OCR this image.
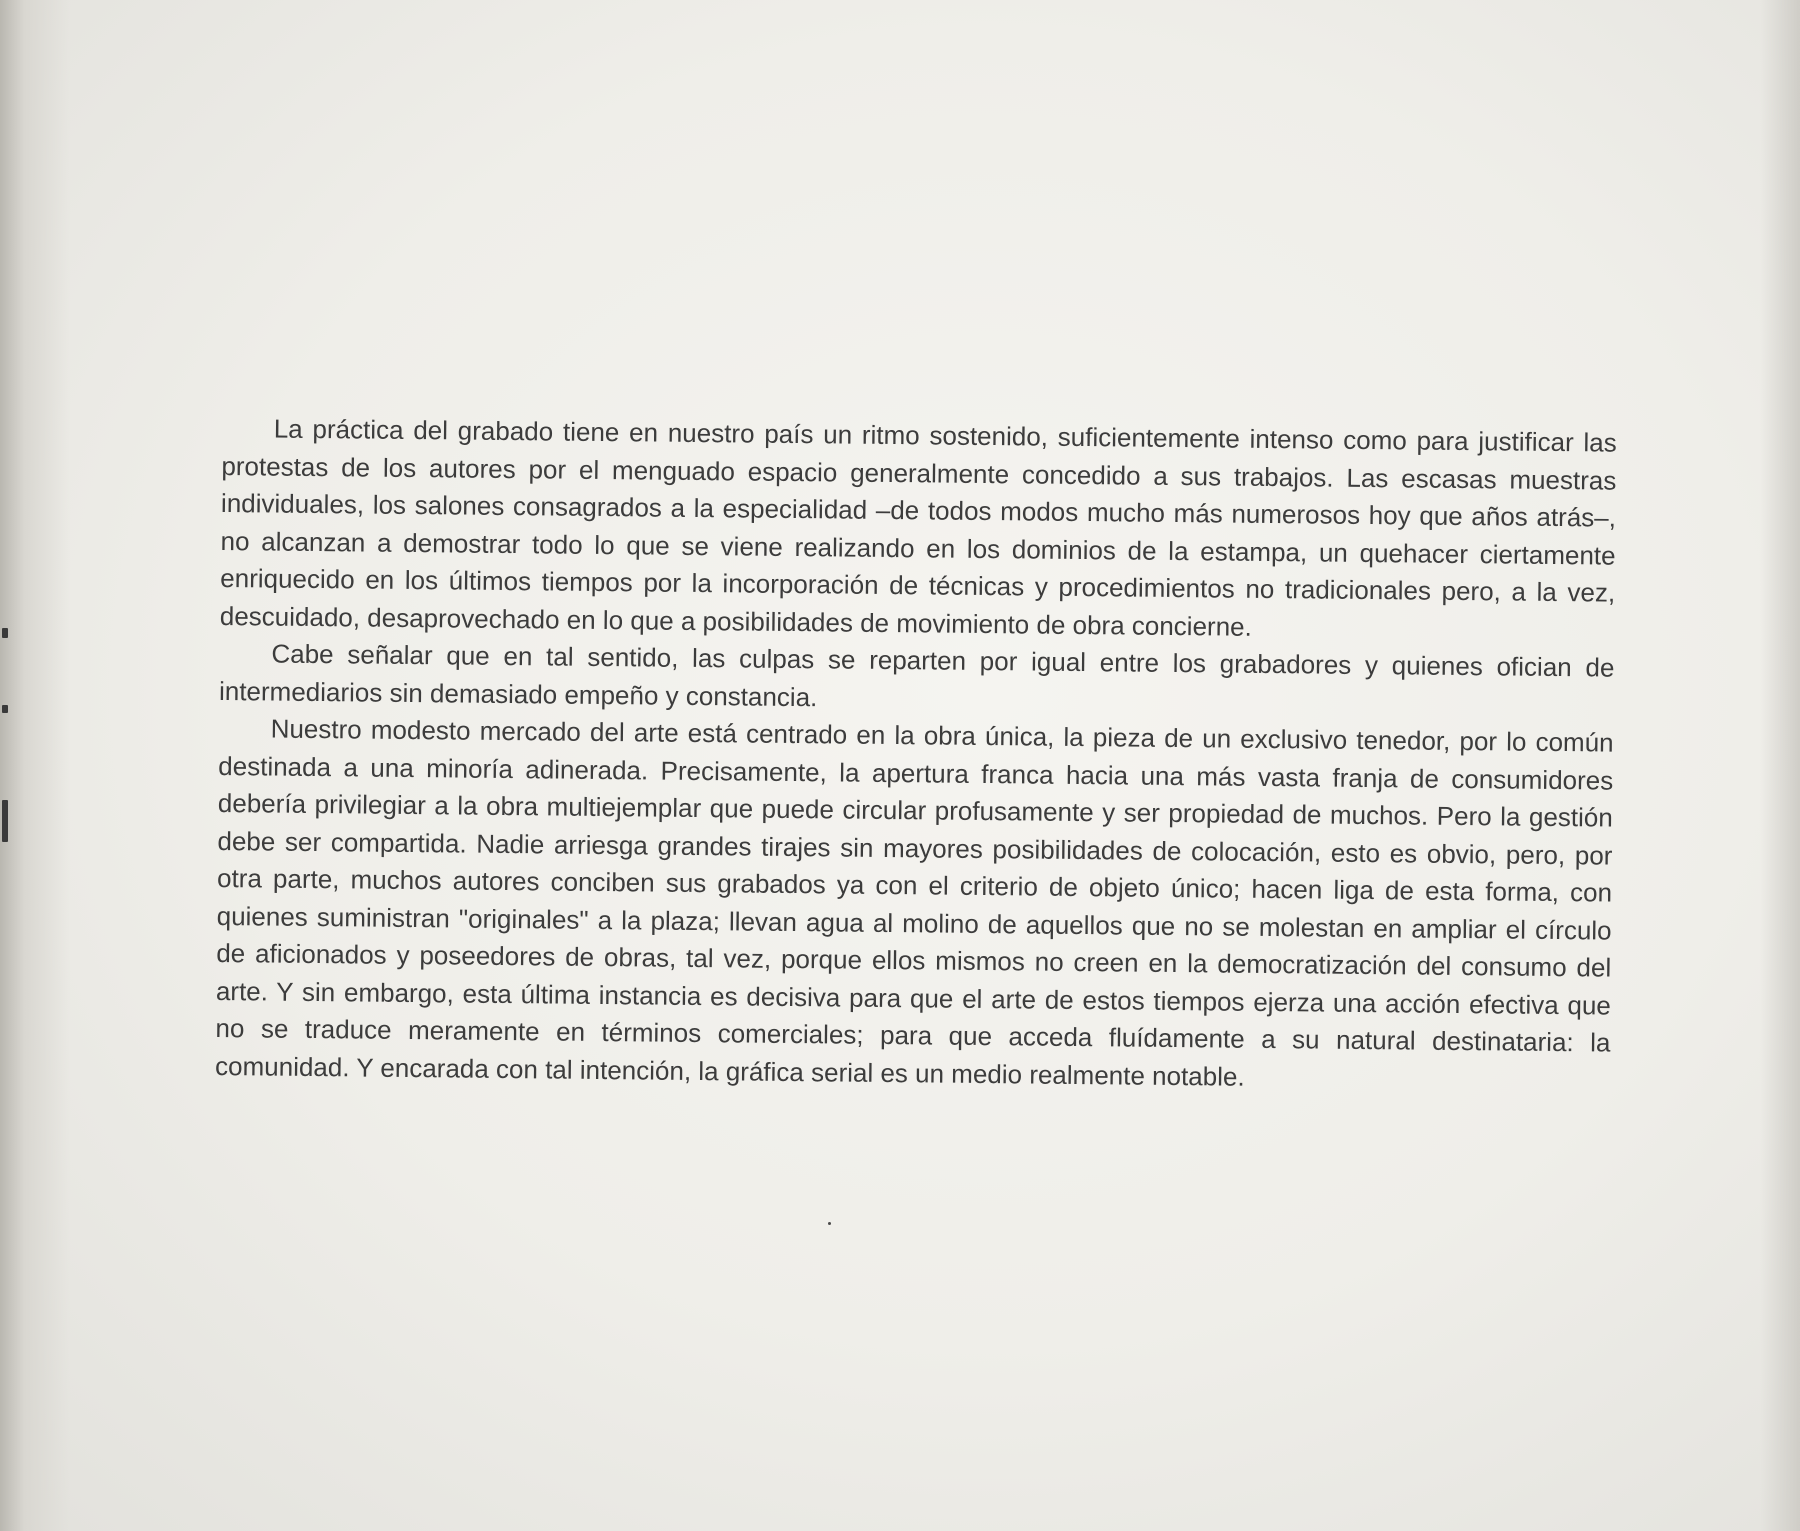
La práctica del grabado tiene en nuestro país un ritmo sostenido, suficientemente intenso como para justificar las protestas de los autores por el menguado espacio generalmente concedido a sus trabajos. Las escasas muestras individuales, los salones consagrados a la especialidad –de todos modos mucho más numerosos hoy que años atrás–, no alcanzan a demostrar todo lo que se viene realizando en los dominios de la estampa, un quehacer ciertamente enriquecido en los últimos tiempos por la incorporación de técnicas y procedimientos no tradicionales pero, a la vez, descuidado, desaprovechado en lo que a posibilidades de movimiento de obra concierne.

Cabe señalar que en tal sentido, las culpas se reparten por igual entre los grabadores y quienes ofician de intermediarios sin demasiado empeño y constancia.

Nuestro modesto mercado del arte está centrado en la obra única, la pieza de un exclusivo tenedor, por lo común destinada a una minoría adinerada. Precisamente, la apertura franca hacia una más vasta franja de consumidores debería privilegiar a la obra multiejemplar que puede circular profusamente y ser propiedad de muchos. Pero la gestión debe ser compartida. Nadie arriesga grandes tirajes sin mayores posibilidades de colocación, esto es obvio, pero, por otra parte, muchos autores conciben sus grabados ya con el criterio de objeto único; hacen liga de esta forma, con quienes suministran "originales" a la plaza; llevan agua al molino de aquellos que no se molestan en ampliar el círculo de aficionados y poseedores de obras, tal vez, porque ellos mismos no creen en la democratización del consumo del arte. Y sin embargo, esta última instancia es decisiva para que el arte de estos tiempos ejerza una acción efectiva que no se traduce meramente en términos comerciales; para que acceda fluídamente a su natural destinataria: la comunidad. Y encarada con tal intención, la gráfica serial es un medio realmente notable.
